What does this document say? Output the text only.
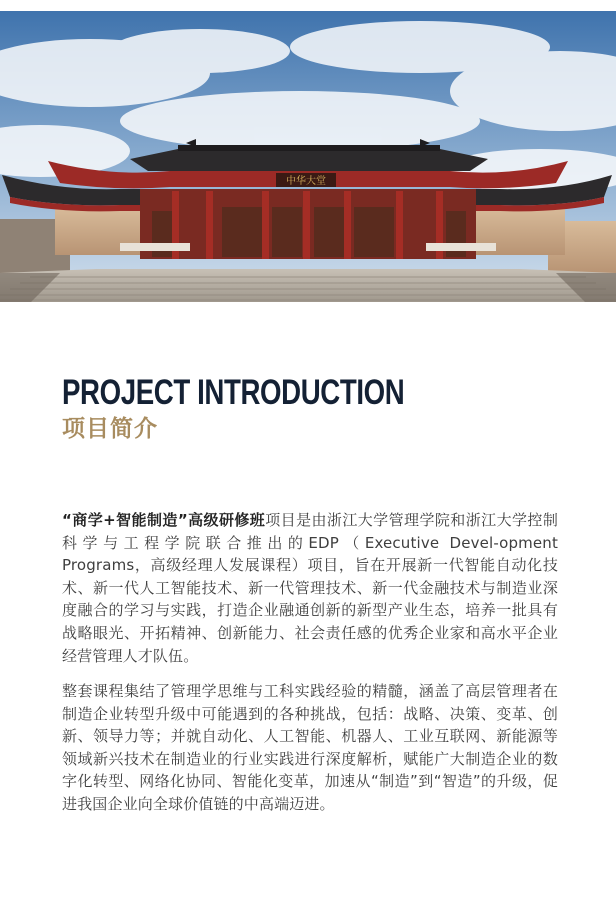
中华大堂
PROJECT INTRODUCTION
项目简介

“商学+智能制造”高级研修班项目是由浙江大学管理学院和浙江大学控制科学与工程学院联合推出的EDP（Executive Devel-opment Programs，高级经理人发展课程）项目，旨在开展新一代智能自动化技术、新一代人工智能技术、新一代管理技术、新一代金融技术与制造业深度融合的学习与实践，打造企业融通创新的新型产业生态，培养一批具有战略眼光、开拓精神、创新能力、社会责任感的优秀企业家和高水平企业经营管理人才队伍。

整套课程集结了管理学思维与工科实践经验的精髓，涵盖了高层管理者在制造企业转型升级中可能遇到的各种挑战，包括：战略、决策、变革、创新、领导力等；并就自动化、人工智能、机器人、工业互联网、新能源等领域新兴技术在制造业的行业实践进行深度解析，赋能广大制造企业的数字化转型、网络化协同、智能化变革，加速从“制造”到“智造”的升级，促进我国企业向全球价值链的中高端迈进。
